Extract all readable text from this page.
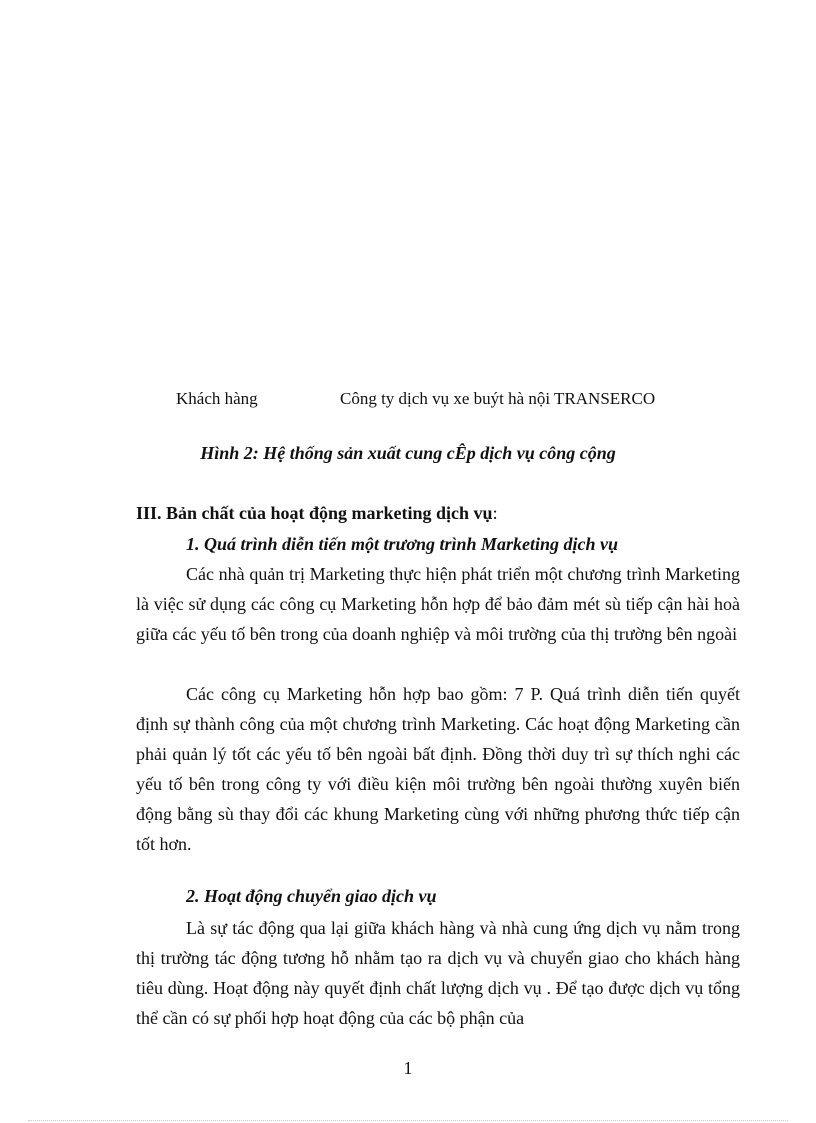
Khách hàng	Công ty dịch vụ xe buýt hà nội TRANSERCO
Hình 2: Hệ thống sản xuất cung cÊp dịch vụ công cộng
III. Bản chất của hoạt động marketing dịch vụ:
1. Quá trình diễn tiến một trương trình Marketing dịch vụ

Các nhà quản trị Marketing thực hiện phát triển một chương trình Marketing là việc sử dụng các công cụ Marketing hỗn hợp để bảo đảm mét sù tiếp cận hài hoà giữa các yếu tố bên trong của doanh nghiệp và môi trường của thị trường bên ngoài

Các công cụ Marketing hỗn hợp bao gồm: 7 P. Quá trình diễn tiến quyết định sự thành công của một chương trình Marketing. Các hoạt động Marketing cần phải quản lý tốt các yếu tố bên ngoài bất định. Đồng thời duy trì sự thích nghi các yếu tố bên trong công ty với điều kiện môi trường bên ngoài thường xuyên biến động bằng sù thay đổi các khung Marketing cùng với những phương thức tiếp cận tốt hơn.

2. Hoạt động chuyển giao dịch vụ

Là sự tác động qua lại giữa khách hàng và nhà cung ứng dịch vụ nằm trong thị trường tác động tương hỗ nhằm tạo ra dịch vụ và chuyển giao cho khách hàng tiêu dùng. Hoạt động này quyết định chất lượng dịch vụ . Để tạo được dịch vụ tổng thể cần có sự phối hợp hoạt động của các bộ phận của

1
